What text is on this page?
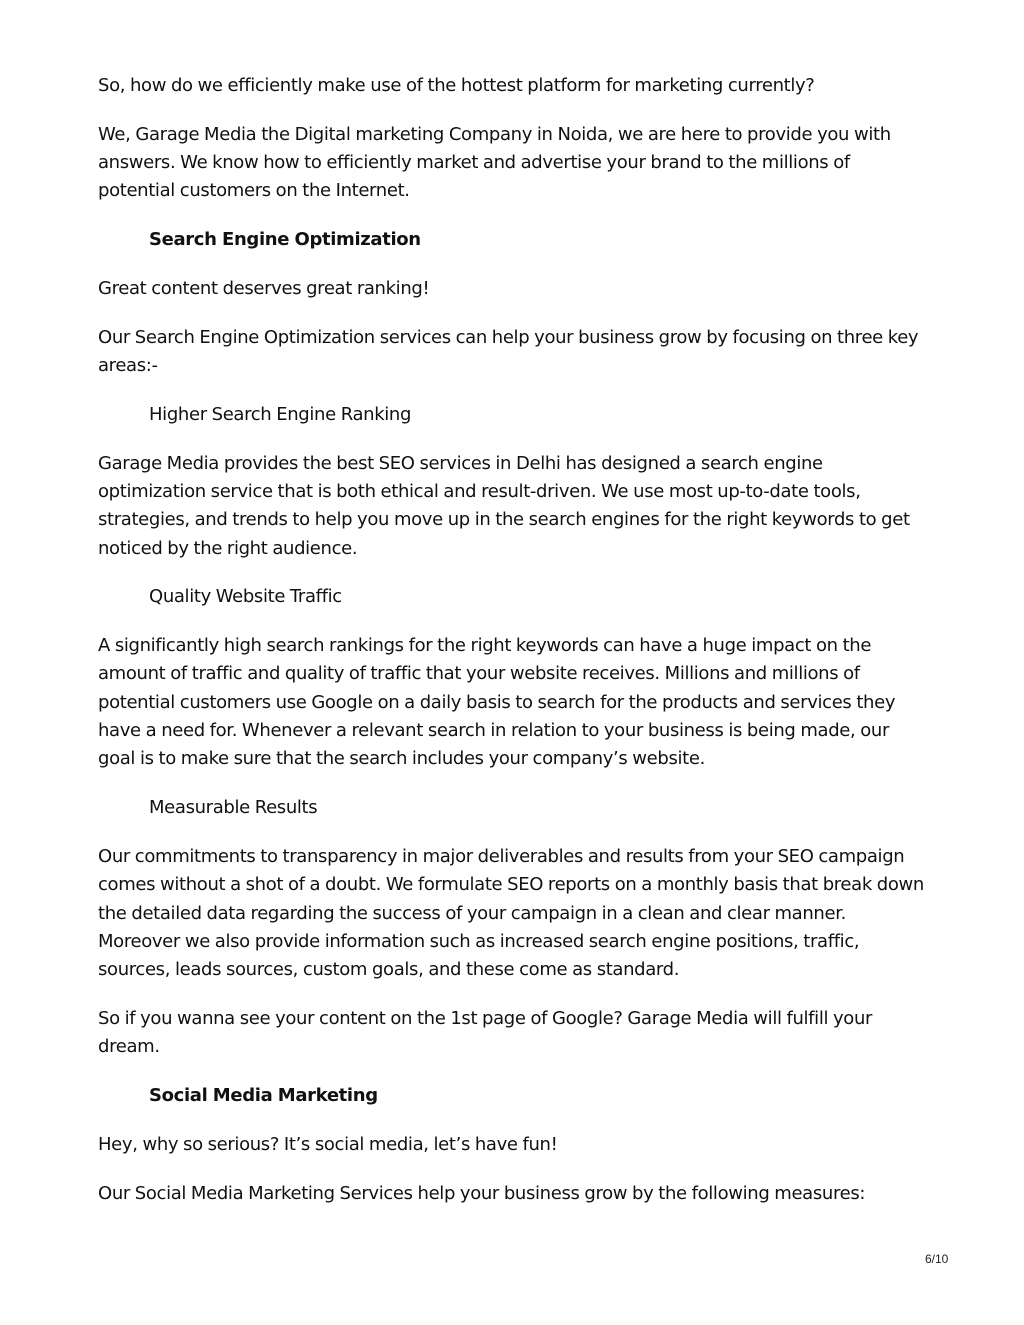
So, how do we efficiently make use of the hottest platform for marketing currently?

We, Garage Media the Digital marketing Company in Noida, we are here to provide you with answers. We know how to efficiently market and advertise your brand to the millions of potential customers on the Internet.

Search Engine Optimization

Great content deserves great ranking!

Our Search Engine Optimization services can help your business grow by focusing on three key areas:-

Higher Search Engine Ranking

Garage Media provides the best SEO services in Delhi has designed a search engine optimization service that is both ethical and result-driven. We use most up-to-date tools, strategies, and trends to help you move up in the search engines for the right keywords to get noticed by the right audience.

Quality Website Traffic

A significantly high search rankings for the right keywords can have a huge impact on the amount of traffic and quality of traffic that your website receives. Millions and millions of potential customers use Google on a daily basis to search for the products and services they have a need for. Whenever a relevant search in relation to your business is being made, our goal is to make sure that the search includes your company’s website.

Measurable Results

Our commitments to transparency in major deliverables and results from your SEO campaign comes without a shot of a doubt. We formulate SEO reports on a monthly basis that break down the detailed data regarding the success of your campaign in a clean and clear manner. Moreover we also provide information such as increased search engine positions, traffic, sources, leads sources, custom goals, and these come as standard.

So if you wanna see your content on the 1st page of Google? Garage Media will fulfill your dream.

Social Media Marketing

Hey, why so serious? It’s social media, let’s have fun!

Our Social Media Marketing Services help your business grow by the following measures:

6/10
